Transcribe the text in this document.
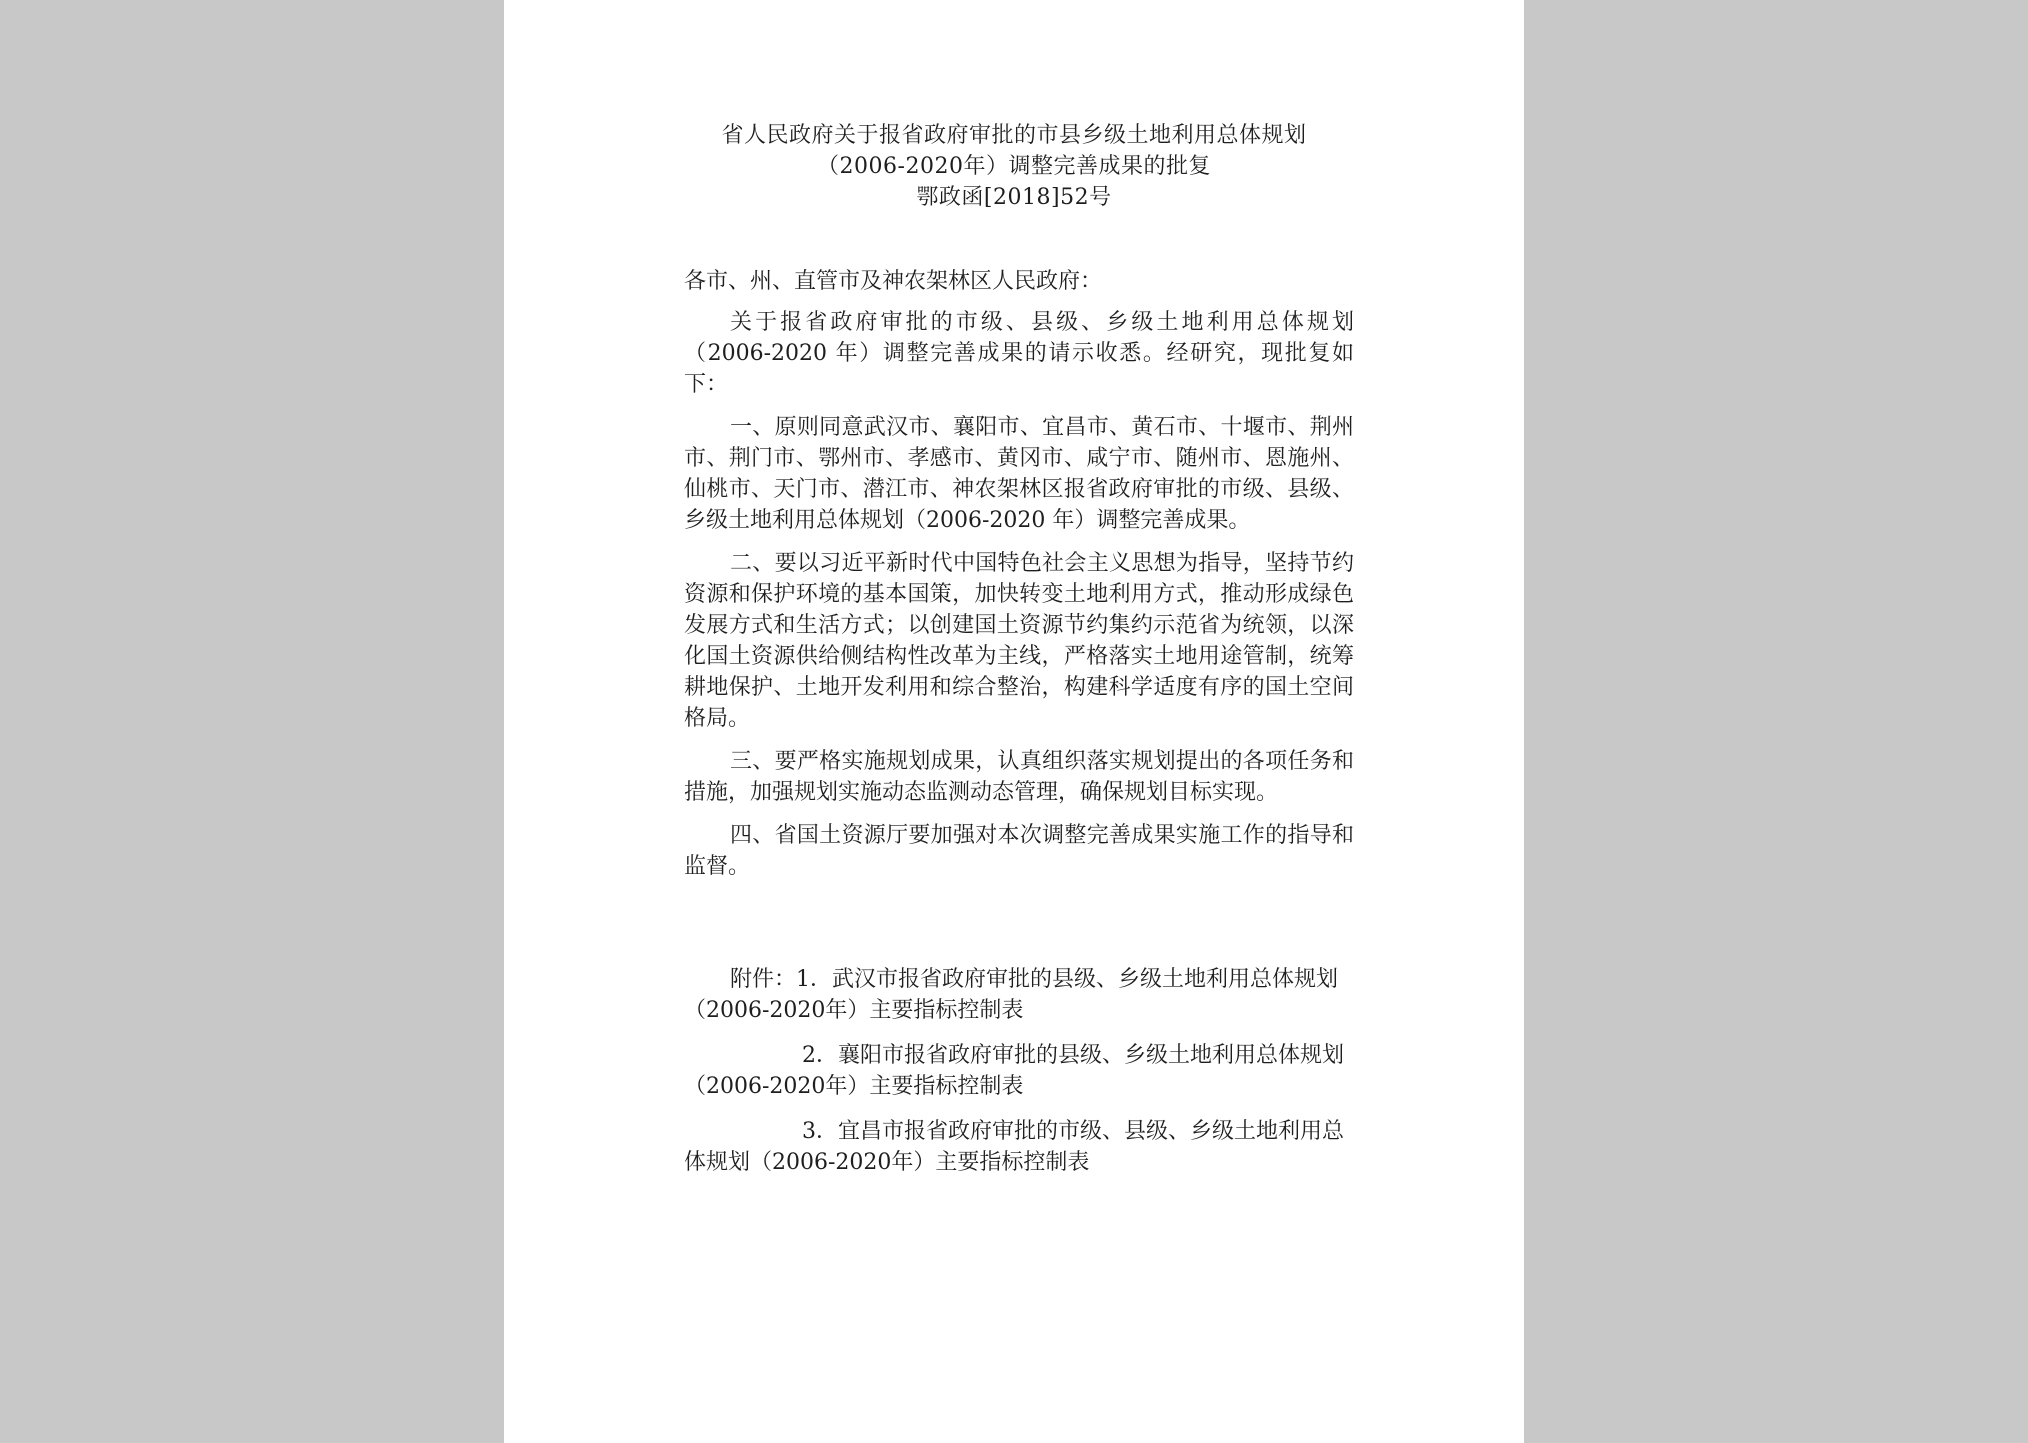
省人民政府关于报省政府审批的市县乡级土地利用总体规划
（2006-2020年）调整完善成果的批复
鄂政函[2018]52号

各市、州、直管市及神农架林区人民政府：

关于报省政府审批的市级、县级、乡级土地利用总体规划（2006-2020 年）调整完善成果的请示收悉。经研究，现批复如下：

一、原则同意武汉市、襄阳市、宜昌市、黄石市、十堰市、荆州市、荆门市、鄂州市、孝感市、黄冈市、咸宁市、随州市、恩施州、仙桃市、天门市、潜江市、神农架林区报省政府审批的市级、县级、乡级土地利用总体规划（2006-2020 年）调整完善成果。

二、要以习近平新时代中国特色社会主义思想为指导，坚持节约资源和保护环境的基本国策，加快转变土地利用方式，推动形成绿色发展方式和生活方式；以创建国土资源节约集约示范省为统领，以深化国土资源供给侧结构性改革为主线，严格落实土地用途管制，统筹耕地保护、土地开发利用和综合整治，构建科学适度有序的国土空间格局。

三、要严格实施规划成果，认真组织落实规划提出的各项任务和措施，加强规划实施动态监测动态管理，确保规划目标实现。

四、省国土资源厅要加强对本次调整完善成果实施工作的指导和监督。

附件：1．武汉市报省政府审批的县级、乡级土地利用总体规划（2006-2020年）主要指标控制表

2．襄阳市报省政府审批的县级、乡级土地利用总体规划（2006-2020年）主要指标控制表

3．宜昌市报省政府审批的市级、县级、乡级土地利用总体规划（2006-2020年）主要指标控制表
